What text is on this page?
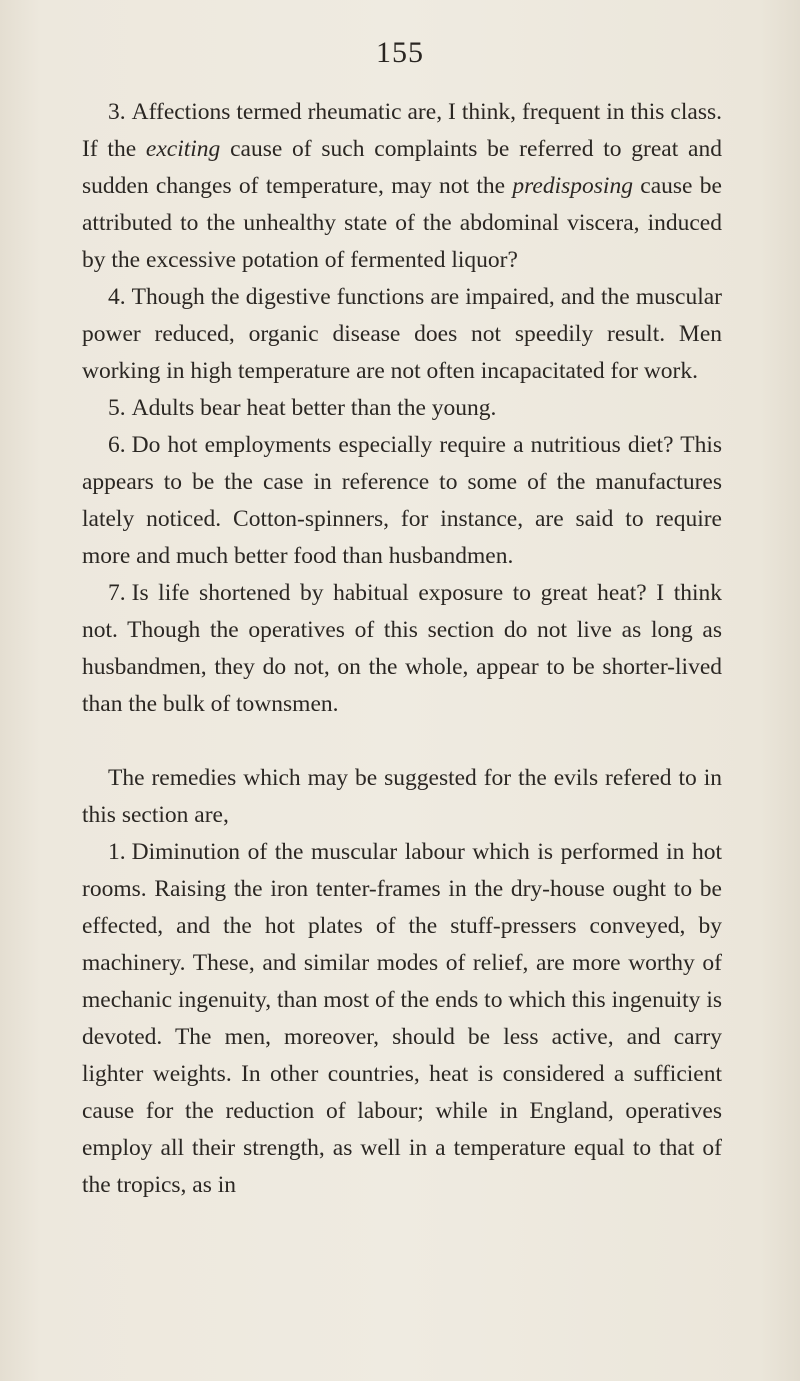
155

3. Affections termed rheumatic are, I think, frequent in this class. If the exciting cause of such complaints be referred to great and sudden changes of temperature, may not the predisposing cause be attributed to the unhealthy state of the abdominal viscera, induced by the excessive potation of fermented liquor?

4. Though the digestive functions are impaired, and the muscular power reduced, organic disease does not speedily result. Men working in high temperature are not often incapacitated for work.

5. Adults bear heat better than the young.

6. Do hot employments especially require a nutritious diet? This appears to be the case in reference to some of the manufactures lately noticed. Cotton-spinners, for instance, are said to require more and much better food than husbandmen.

7. Is life shortened by habitual exposure to great heat? I think not. Though the operatives of this section do not live as long as husbandmen, they do not, on the whole, appear to be shorter-lived than the bulk of townsmen.

The remedies which may be suggested for the evils refered to in this section are,

1. Diminution of the muscular labour which is performed in hot rooms. Raising the iron tenter-frames in the dry-house ought to be effected, and the hot plates of the stuff-pressers conveyed, by machinery. These, and similar modes of relief, are more worthy of mechanic ingenuity, than most of the ends to which this ingenuity is devoted. The men, moreover, should be less active, and carry lighter weights. In other countries, heat is considered a sufficient cause for the reduction of labour; while in England, operatives employ all their strength, as well in a temperature equal to that of the tropics, as in
